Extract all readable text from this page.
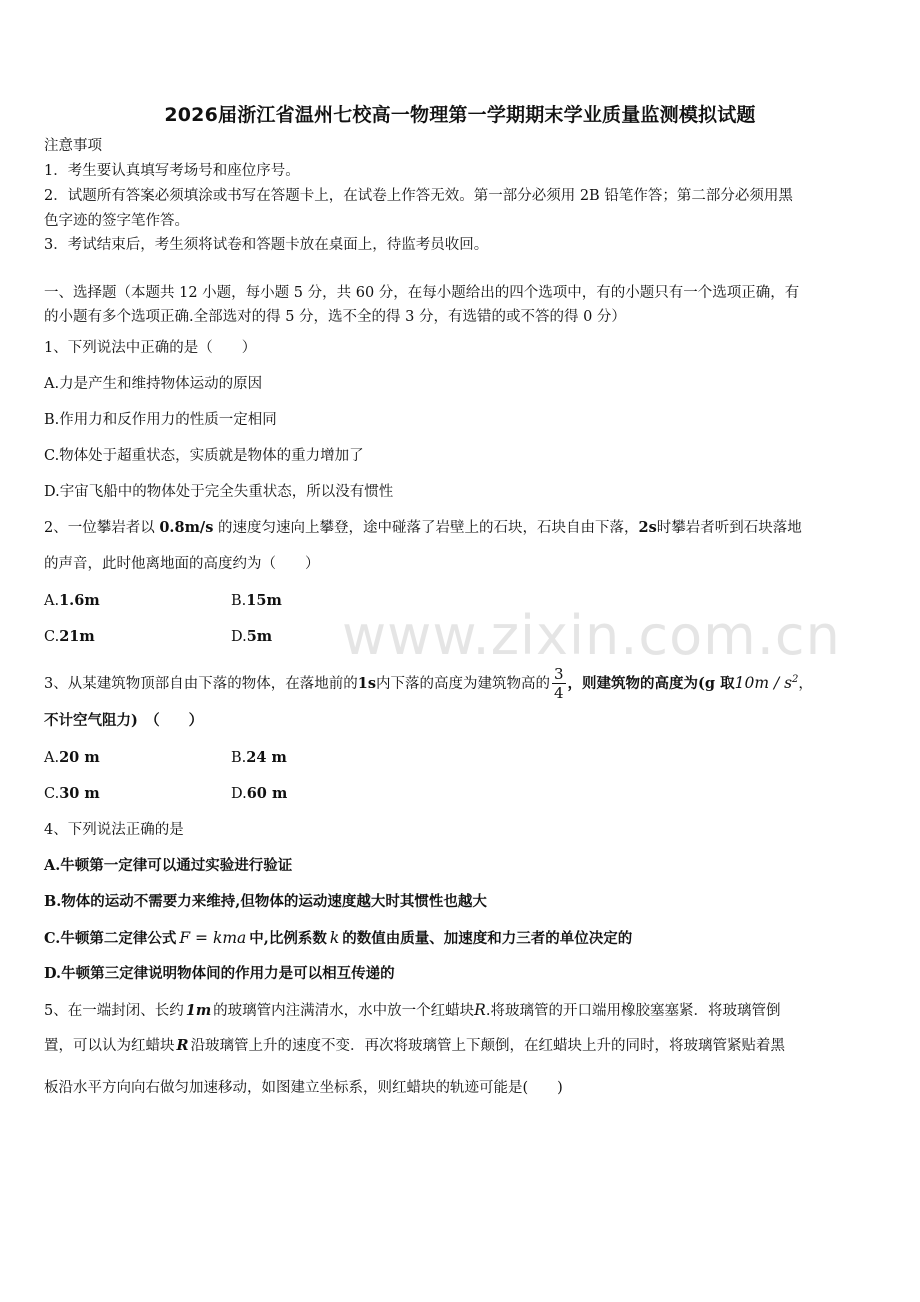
2026届浙江省温州七校高一物理第一学期期末学业质量监测模拟试题
注意事项
1．考生要认真填写考场号和座位序号。
2．试题所有答案必须填涂或书写在答题卡上，在试卷上作答无效。第一部分必须用 2B 铅笔作答；第二部分必须用黑
色字迹的签字笔作答。
3．考试结束后，考生须将试卷和答题卡放在桌面上，待监考员收回。
一、选择题（本题共 12 小题，每小题 5 分，共 60 分，在每小题给出的四个选项中，有的小题只有一个选项正确，有
的小题有多个选项正确.全部选对的得 5 分，选不全的得 3 分，有选错的或不答的得 0 分）
1、下列说法中正确的是（　　）
A.力是产生和维持物体运动的原因
B.作用力和反作用力的性质一定相同
C.物体处于超重状态，实质就是物体的重力增加了
D.宇宙飞船中的物体处于完全失重状态，所以没有惯性
2、一位攀岩者以 0.8m/s 的速度匀速向上攀登，途中碰落了岩壁上的石块，石块自由下落，2s时攀岩者听到石块落地
的声音，此时他离地面的高度约为（　　）
A.1.6m	B.15m
C.21m	D.5m
3、从某建筑物顶部自由下落的物体，在落地前的1s内下落的高度为建筑物高的 $\frac{3}{4}$ ，则建筑物的高度为(g 取$10m / s^2$，
不计空气阻力)　（　　）
A.20 m	B.24 m
C.30 m	D.60 m
4、下列说法正确的是
A.牛顿第一定律可以通过实验进行验证
B.物体的运动不需要力来维持,但物体的运动速度越大时其惯性也越大
C.牛顿第二定律公式 F = kma 中,比例系数 k 的数值由质量、加速度和力三者的单位决定的
D.牛顿第三定律说明物体间的作用力是可以相互传递的
5、在一端封闭、长约 1m 的玻璃管内注满清水，水中放一个红蜡块R.将玻璃管的开口端用橡胶塞塞紧．将玻璃管倒
置，可以认为红蜡块 R 沿玻璃管上升的速度不变．再次将玻璃管上下颠倒，在红蜡块上升的同时，将玻璃管紧贴着黑
板沿水平方向向右做匀加速移动，如图建立坐标系，则红蜡块的轨迹可能是(　　)
www.zixin.com.cn
